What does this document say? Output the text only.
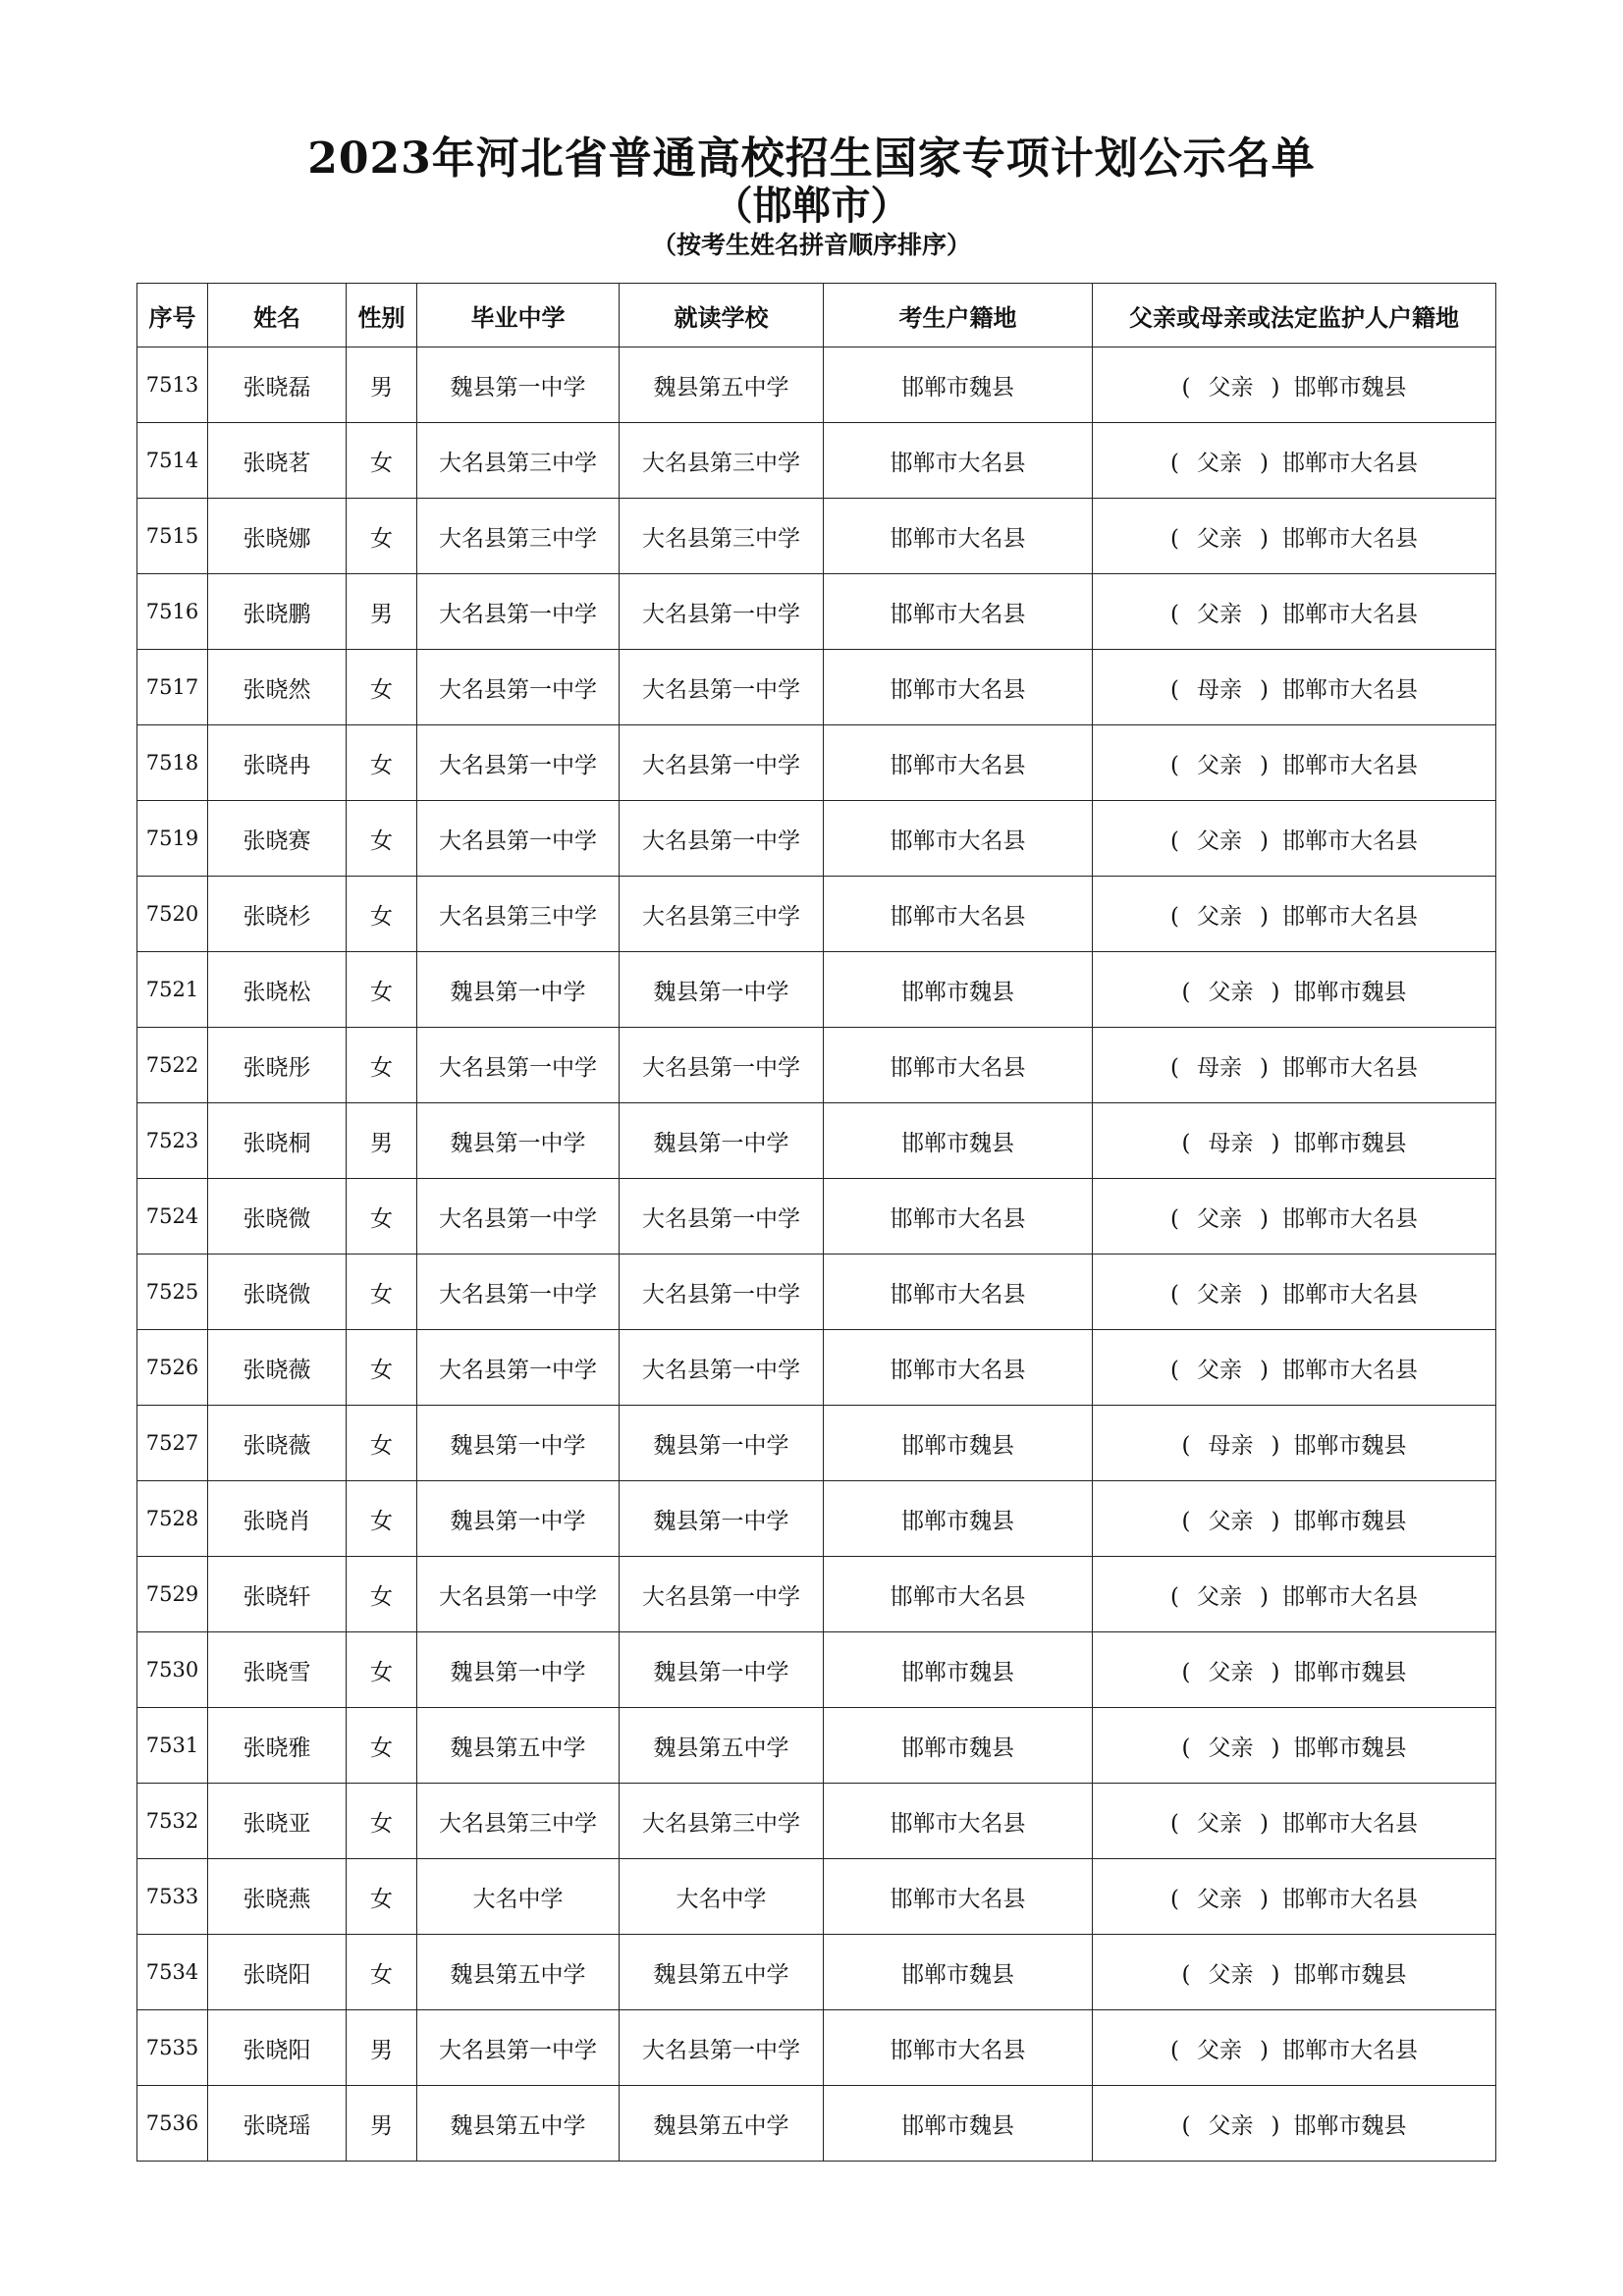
2023年河北省普通高校招生国家专项计划公示名单
（邯郸市）
（按考生姓名拼音顺序排序）
序号	姓名	性别	毕业中学	就读学校	考生户籍地	父亲或母亲或法定监护人户籍地
7513	张晓磊	男	魏县第一中学	魏县第五中学	邯郸市魏县	( 父亲 ) 邯郸市魏县
7514	张晓茗	女	大名县第三中学	大名县第三中学	邯郸市大名县	( 父亲 ) 邯郸市大名县
7515	张晓娜	女	大名县第三中学	大名县第三中学	邯郸市大名县	( 父亲 ) 邯郸市大名县
7516	张晓鹏	男	大名县第一中学	大名县第一中学	邯郸市大名县	( 父亲 ) 邯郸市大名县
7517	张晓然	女	大名县第一中学	大名县第一中学	邯郸市大名县	( 母亲 ) 邯郸市大名县
7518	张晓冉	女	大名县第一中学	大名县第一中学	邯郸市大名县	( 父亲 ) 邯郸市大名县
7519	张晓赛	女	大名县第一中学	大名县第一中学	邯郸市大名县	( 父亲 ) 邯郸市大名县
7520	张晓杉	女	大名县第三中学	大名县第三中学	邯郸市大名县	( 父亲 ) 邯郸市大名县
7521	张晓松	女	魏县第一中学	魏县第一中学	邯郸市魏县	( 父亲 ) 邯郸市魏县
7522	张晓彤	女	大名县第一中学	大名县第一中学	邯郸市大名县	( 母亲 ) 邯郸市大名县
7523	张晓桐	男	魏县第一中学	魏县第一中学	邯郸市魏县	( 母亲 ) 邯郸市魏县
7524	张晓微	女	大名县第一中学	大名县第一中学	邯郸市大名县	( 父亲 ) 邯郸市大名县
7525	张晓微	女	大名县第一中学	大名县第一中学	邯郸市大名县	( 父亲 ) 邯郸市大名县
7526	张晓薇	女	大名县第一中学	大名县第一中学	邯郸市大名县	( 父亲 ) 邯郸市大名县
7527	张晓薇	女	魏县第一中学	魏县第一中学	邯郸市魏县	( 母亲 ) 邯郸市魏县
7528	张晓肖	女	魏县第一中学	魏县第一中学	邯郸市魏县	( 父亲 ) 邯郸市魏县
7529	张晓轩	女	大名县第一中学	大名县第一中学	邯郸市大名县	( 父亲 ) 邯郸市大名县
7530	张晓雪	女	魏县第一中学	魏县第一中学	邯郸市魏县	( 父亲 ) 邯郸市魏县
7531	张晓雅	女	魏县第五中学	魏县第五中学	邯郸市魏县	( 父亲 ) 邯郸市魏县
7532	张晓亚	女	大名县第三中学	大名县第三中学	邯郸市大名县	( 父亲 ) 邯郸市大名县
7533	张晓燕	女	大名中学	大名中学	邯郸市大名县	( 父亲 ) 邯郸市大名县
7534	张晓阳	女	魏县第五中学	魏县第五中学	邯郸市魏县	( 父亲 ) 邯郸市魏县
7535	张晓阳	男	大名县第一中学	大名县第一中学	邯郸市大名县	( 父亲 ) 邯郸市大名县
7536	张晓瑶	男	魏县第五中学	魏县第五中学	邯郸市魏县	( 父亲 ) 邯郸市魏县
